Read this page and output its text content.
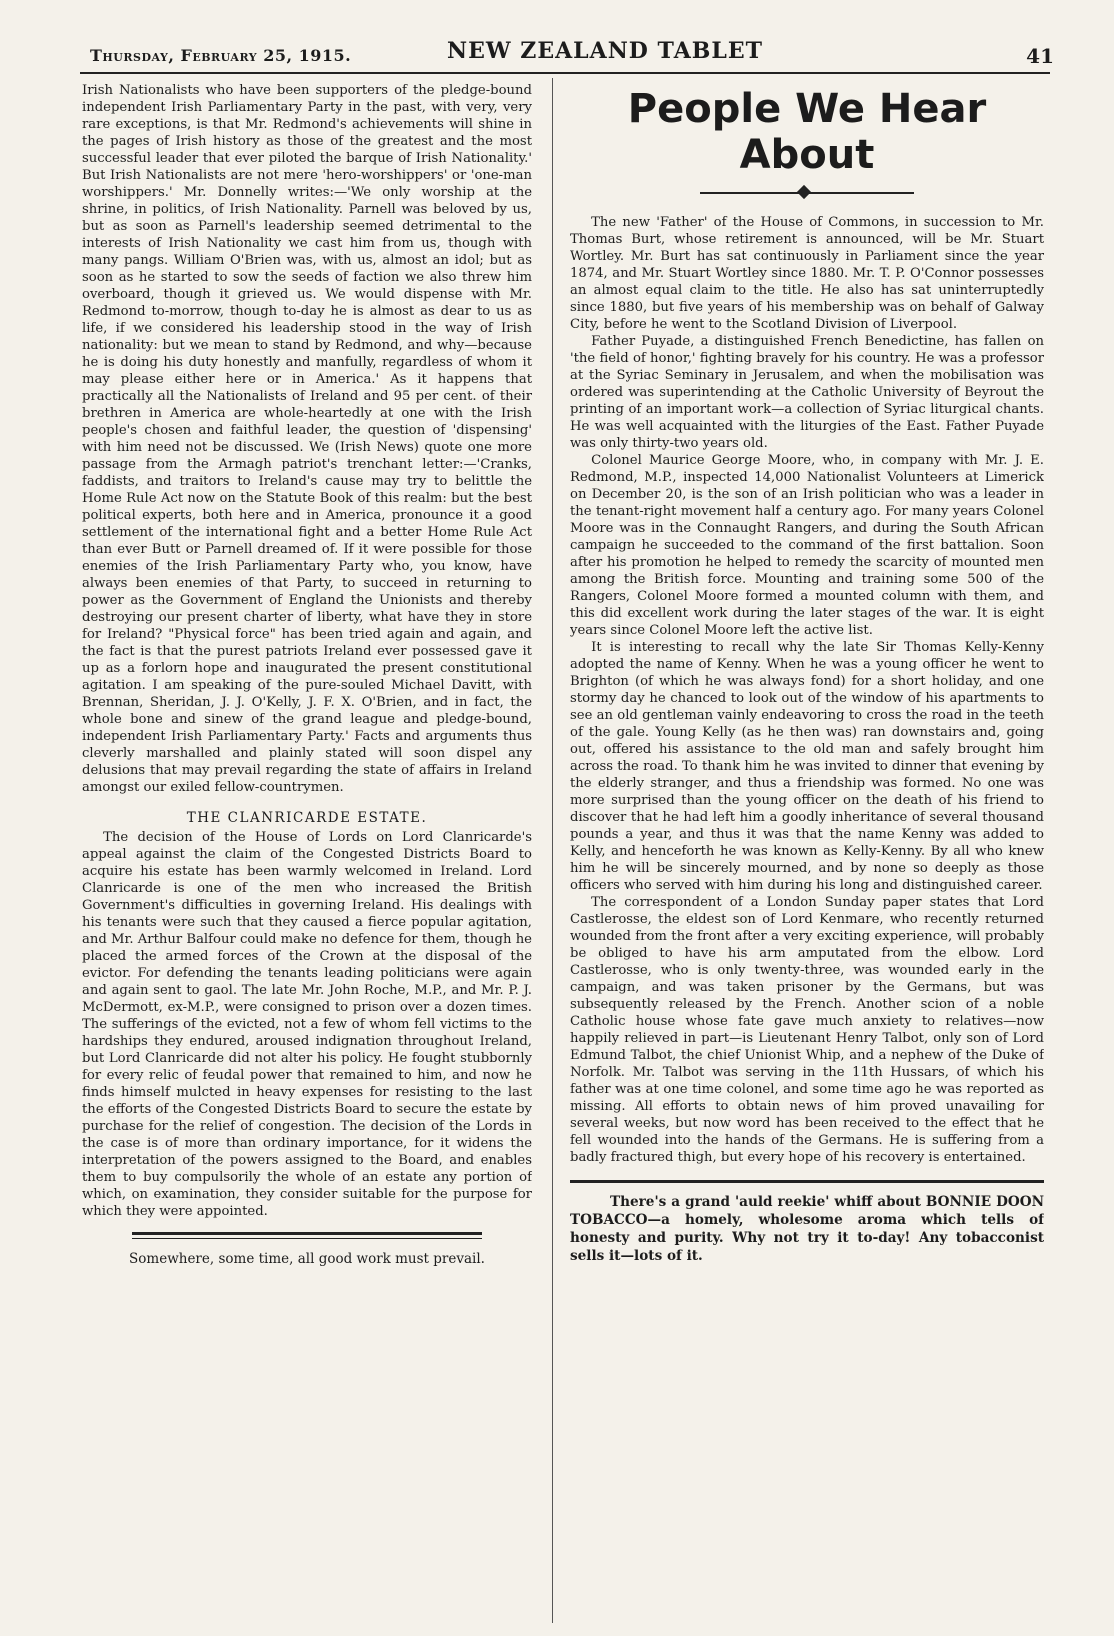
Thursday, February 25, 1915.	NEW ZEALAND TABLET	41

Irish Nationalists who have been supporters of the pledge-bound independent Irish Parliamentary Party in the past, with very, very rare exceptions, is that Mr. Redmond's achievements will shine in the pages of Irish history as those of the greatest and the most successful leader that ever piloted the barque of Irish Nationality.' But Irish Nationalists are not mere 'hero-worshippers' or 'one-man worshippers.' Mr. Donnelly writes:—'We only worship at the shrine, in politics, of Irish Nationality. Parnell was beloved by us, but as soon as Parnell's leadership seemed detrimental to the interests of Irish Nationality we cast him from us, though with many pangs. William O'Brien was, with us, almost an idol; but as soon as he started to sow the seeds of faction we also threw him overboard, though it grieved us. We would dispense with Mr. Redmond to-morrow, though to-day he is almost as dear to us as life, if we considered his leadership stood in the way of Irish nationality: but we mean to stand by Redmond, and why—because he is doing his duty honestly and manfully, regardless of whom it may please either here or in America.' As it happens that practically all the Nationalists of Ireland and 95 per cent. of their brethren in America are whole-heartedly at one with the Irish people's chosen and faithful leader, the question of 'dispensing' with him need not be discussed. We (Irish News) quote one more passage from the Armagh patriot's trenchant letter:—'Cranks, faddists, and traitors to Ireland's cause may try to belittle the Home Rule Act now on the Statute Book of this realm: but the best political experts, both here and in America, pronounce it a good settlement of the international fight and a better Home Rule Act than ever Butt or Parnell dreamed of. If it were possible for those enemies of the Irish Parliamentary Party who, you know, have always been enemies of that Party, to succeed in returning to power as the Government of England the Unionists and thereby destroying our present charter of liberty, what have they in store for Ireland? "Physical force" has been tried again and again, and the fact is that the purest patriots Ireland ever possessed gave it up as a forlorn hope and inaugurated the present constitutional agitation. I am speaking of the pure-souled Michael Davitt, with Brennan, Sheridan, J. J. O'Kelly, J. F. X. O'Brien, and in fact, the whole bone and sinew of the grand league and pledge-bound, independent Irish Parliamentary Party.' Facts and arguments thus cleverly marshalled and plainly stated will soon dispel any delusions that may prevail regarding the state of affairs in Ireland amongst our exiled fellow-countrymen.

THE CLANRICARDE ESTATE.

The decision of the House of Lords on Lord Clanricarde's appeal against the claim of the Congested Districts Board to acquire his estate has been warmly welcomed in Ireland. Lord Clanricarde is one of the men who increased the British Government's difficulties in governing Ireland. His dealings with his tenants were such that they caused a fierce popular agitation, and Mr. Arthur Balfour could make no defence for them, though he placed the armed forces of the Crown at the disposal of the evictor. For defending the tenants leading politicians were again and again sent to gaol. The late Mr. John Roche, M.P., and Mr. P. J. McDermott, ex-M.P., were consigned to prison over a dozen times. The sufferings of the evicted, not a few of whom fell victims to the hardships they endured, aroused indignation throughout Ireland, but Lord Clanricarde did not alter his policy. He fought stubbornly for every relic of feudal power that remained to him, and now he finds himself mulcted in heavy expenses for resisting to the last the efforts of the Congested Districts Board to secure the estate by purchase for the relief of congestion. The decision of the Lords in the case is of more than ordinary importance, for it widens the interpretation of the powers assigned to the Board, and enables them to buy compulsorily the whole of an estate any portion of which, on examination, they consider suitable for the purpose for which they were appointed.

Somewhere, some time, all good work must prevail.
People We Hear About

The new 'Father' of the House of Commons, in succession to Mr. Thomas Burt, whose retirement is announced, will be Mr. Stuart Wortley. Mr. Burt has sat continuously in Parliament since the year 1874, and Mr. Stuart Wortley since 1880. Mr. T. P. O'Connor possesses an almost equal claim to the title. He also has sat uninterruptedly since 1880, but five years of his membership was on behalf of Galway City, before he went to the Scotland Division of Liverpool.

Father Puyade, a distinguished French Benedictine, has fallen on 'the field of honor,' fighting bravely for his country. He was a professor at the Syriac Seminary in Jerusalem, and when the mobilisation was ordered was superintending at the Catholic University of Beyrout the printing of an important work—a collection of Syriac liturgical chants. He was well acquainted with the liturgies of the East. Father Puyade was only thirty-two years old.

Colonel Maurice George Moore, who, in company with Mr. J. E. Redmond, M.P., inspected 14,000 Nationalist Volunteers at Limerick on December 20, is the son of an Irish politician who was a leader in the tenant-right movement half a century ago. For many years Colonel Moore was in the Connaught Rangers, and during the South African campaign he succeeded to the command of the first battalion. Soon after his promotion he helped to remedy the scarcity of mounted men among the British force. Mounting and training some 500 of the Rangers, Colonel Moore formed a mounted column with them, and this did excellent work during the later stages of the war. It is eight years since Colonel Moore left the active list.

It is interesting to recall why the late Sir Thomas Kelly-Kenny adopted the name of Kenny. When he was a young officer he went to Brighton (of which he was always fond) for a short holiday, and one stormy day he chanced to look out of the window of his apartments to see an old gentleman vainly endeavoring to cross the road in the teeth of the gale. Young Kelly (as he then was) ran downstairs and, going out, offered his assistance to the old man and safely brought him across the road. To thank him he was invited to dinner that evening by the elderly stranger, and thus a friendship was formed. No one was more surprised than the young officer on the death of his friend to discover that he had left him a goodly inheritance of several thousand pounds a year, and thus it was that the name Kenny was added to Kelly, and henceforth he was known as Kelly-Kenny. By all who knew him he will be sincerely mourned, and by none so deeply as those officers who served with him during his long and distinguished career.

The correspondent of a London Sunday paper states that Lord Castlerosse, the eldest son of Lord Kenmare, who recently returned wounded from the front after a very exciting experience, will probably be obliged to have his arm amputated from the elbow. Lord Castlerosse, who is only twenty-three, was wounded early in the campaign, and was taken prisoner by the Germans, but was subsequently released by the French. Another scion of a noble Catholic house whose fate gave much anxiety to relatives—now happily relieved in part—is Lieutenant Henry Talbot, only son of Lord Edmund Talbot, the chief Unionist Whip, and a nephew of the Duke of Norfolk. Mr. Talbot was serving in the 11th Hussars, of which his father was at one time colonel, and some time ago he was reported as missing. All efforts to obtain news of him proved unavailing for several weeks, but now word has been received to the effect that he fell wounded into the hands of the Germans. He is suffering from a badly fractured thigh, but every hope of his recovery is entertained.

There's a grand 'auld reekie' whiff about BONNIE DOON TOBACCO—a homely, wholesome aroma which tells of honesty and purity. Why not try it to-day! Any tobacconist sells it—lots of it.
